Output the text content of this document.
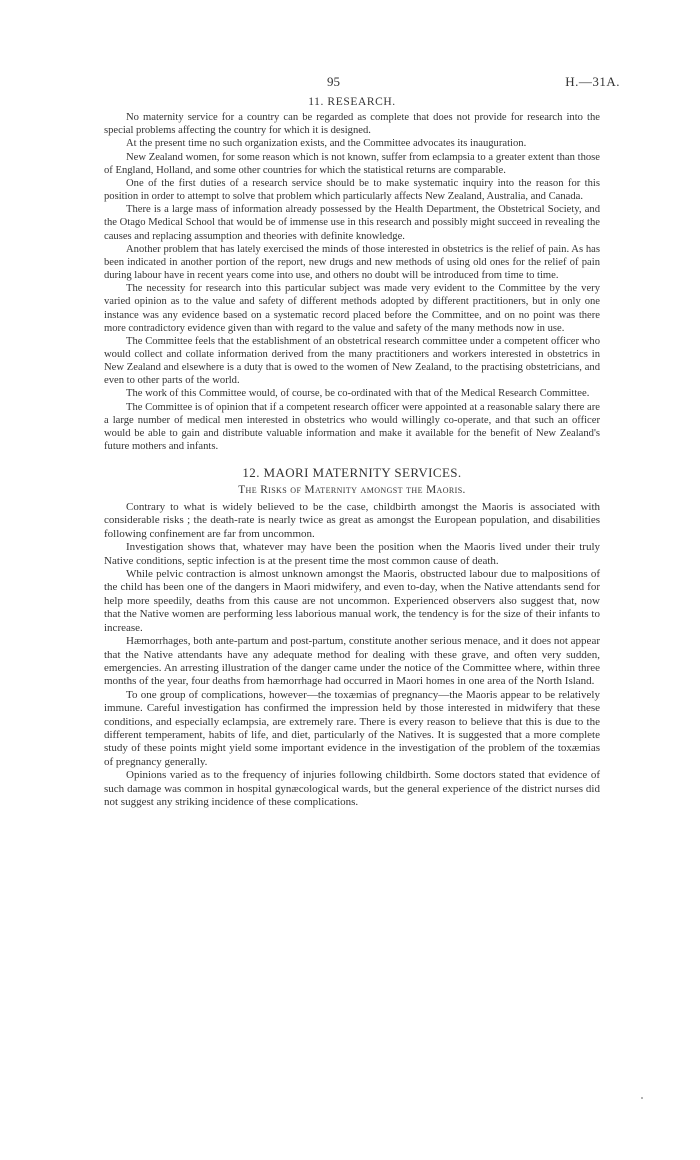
95	H.—31A.
11. RESEARCH.

No maternity service for a country can be regarded as complete that does not provide for research into the special problems affecting the country for which it is designed.

At the present time no such organization exists, and the Committee advocates its inauguration.

New Zealand women, for some reason which is not known, suffer from eclampsia to a greater extent than those of England, Holland, and some other countries for which the statistical returns are comparable.

One of the first duties of a research service should be to make systematic inquiry into the reason for this position in order to attempt to solve that problem which particularly affects New Zealand, Australia, and Canada.

There is a large mass of information already possessed by the Health Department, the Obstetrical Society, and the Otago Medical School that would be of immense use in this research and possibly might succeed in revealing the causes and replacing assumption and theories with definite knowledge.

Another problem that has lately exercised the minds of those interested in obstetrics is the relief of pain. As has been indicated in another portion of the report, new drugs and new methods of using old ones for the relief of pain during labour have in recent years come into use, and others no doubt will be introduced from time to time.

The necessity for research into this particular subject was made very evident to the Committee by the very varied opinion as to the value and safety of different methods adopted by different practitioners, but in only one instance was any evidence based on a systematic record placed before the Committee, and on no point was there more contradictory evidence given than with regard to the value and safety of the many methods now in use.

The Committee feels that the establishment of an obstetrical research committee under a competent officer who would collect and collate information derived from the many practitioners and workers interested in obstetrics in New Zealand and elsewhere is a duty that is owed to the women of New Zealand, to the practising obstetricians, and even to other parts of the world.

The work of this Committee would, of course, be co-ordinated with that of the Medical Research Committee.

The Committee is of opinion that if a competent research officer were appointed at a reasonable salary there are a large number of medical men interested in obstetrics who would willingly co-operate, and that such an officer would be able to gain and distribute valuable information and make it available for the benefit of New Zealand's future mothers and infants.

12. MAORI MATERNITY SERVICES.
The Risks of Maternity amongst the Maoris.

Contrary to what is widely believed to be the case, childbirth amongst the Maoris is associated with considerable risks ; the death-rate is nearly twice as great as amongst the European population, and disabilities following confinement are far from uncommon.

Investigation shows that, whatever may have been the position when the Maoris lived under their truly Native conditions, septic infection is at the present time the most common cause of death.

While pelvic contraction is almost unknown amongst the Maoris, obstructed labour due to malpositions of the child has been one of the dangers in Maori midwifery, and even to-day, when the Native attendants send for help more speedily, deaths from this cause are not uncommon. Experienced observers also suggest that, now that the Native women are performing less laborious manual work, the tendency is for the size of their infants to increase.

Hæmorrhages, both ante-partum and post-partum, constitute another serious menace, and it does not appear that the Native attendants have any adequate method for dealing with these grave, and often very sudden, emergencies. An arresting illustration of the danger came under the notice of the Committee where, within three months of the year, four deaths from hæmorrhage had occurred in Maori homes in one area of the North Island.

To one group of complications, however—the toxæmias of pregnancy—the Maoris appear to be relatively immune. Careful investigation has confirmed the impression held by those interested in midwifery that these conditions, and especially eclampsia, are extremely rare. There is every reason to believe that this is due to the different temperament, habits of life, and diet, particularly of the Natives. It is suggested that a more complete study of these points might yield some important evidence in the investigation of the problem of the toxæmias of pregnancy generally.

Opinions varied as to the frequency of injuries following childbirth. Some doctors stated that evidence of such damage was common in hospital gynæcological wards, but the general experience of the district nurses did not suggest any striking incidence of these complications.
